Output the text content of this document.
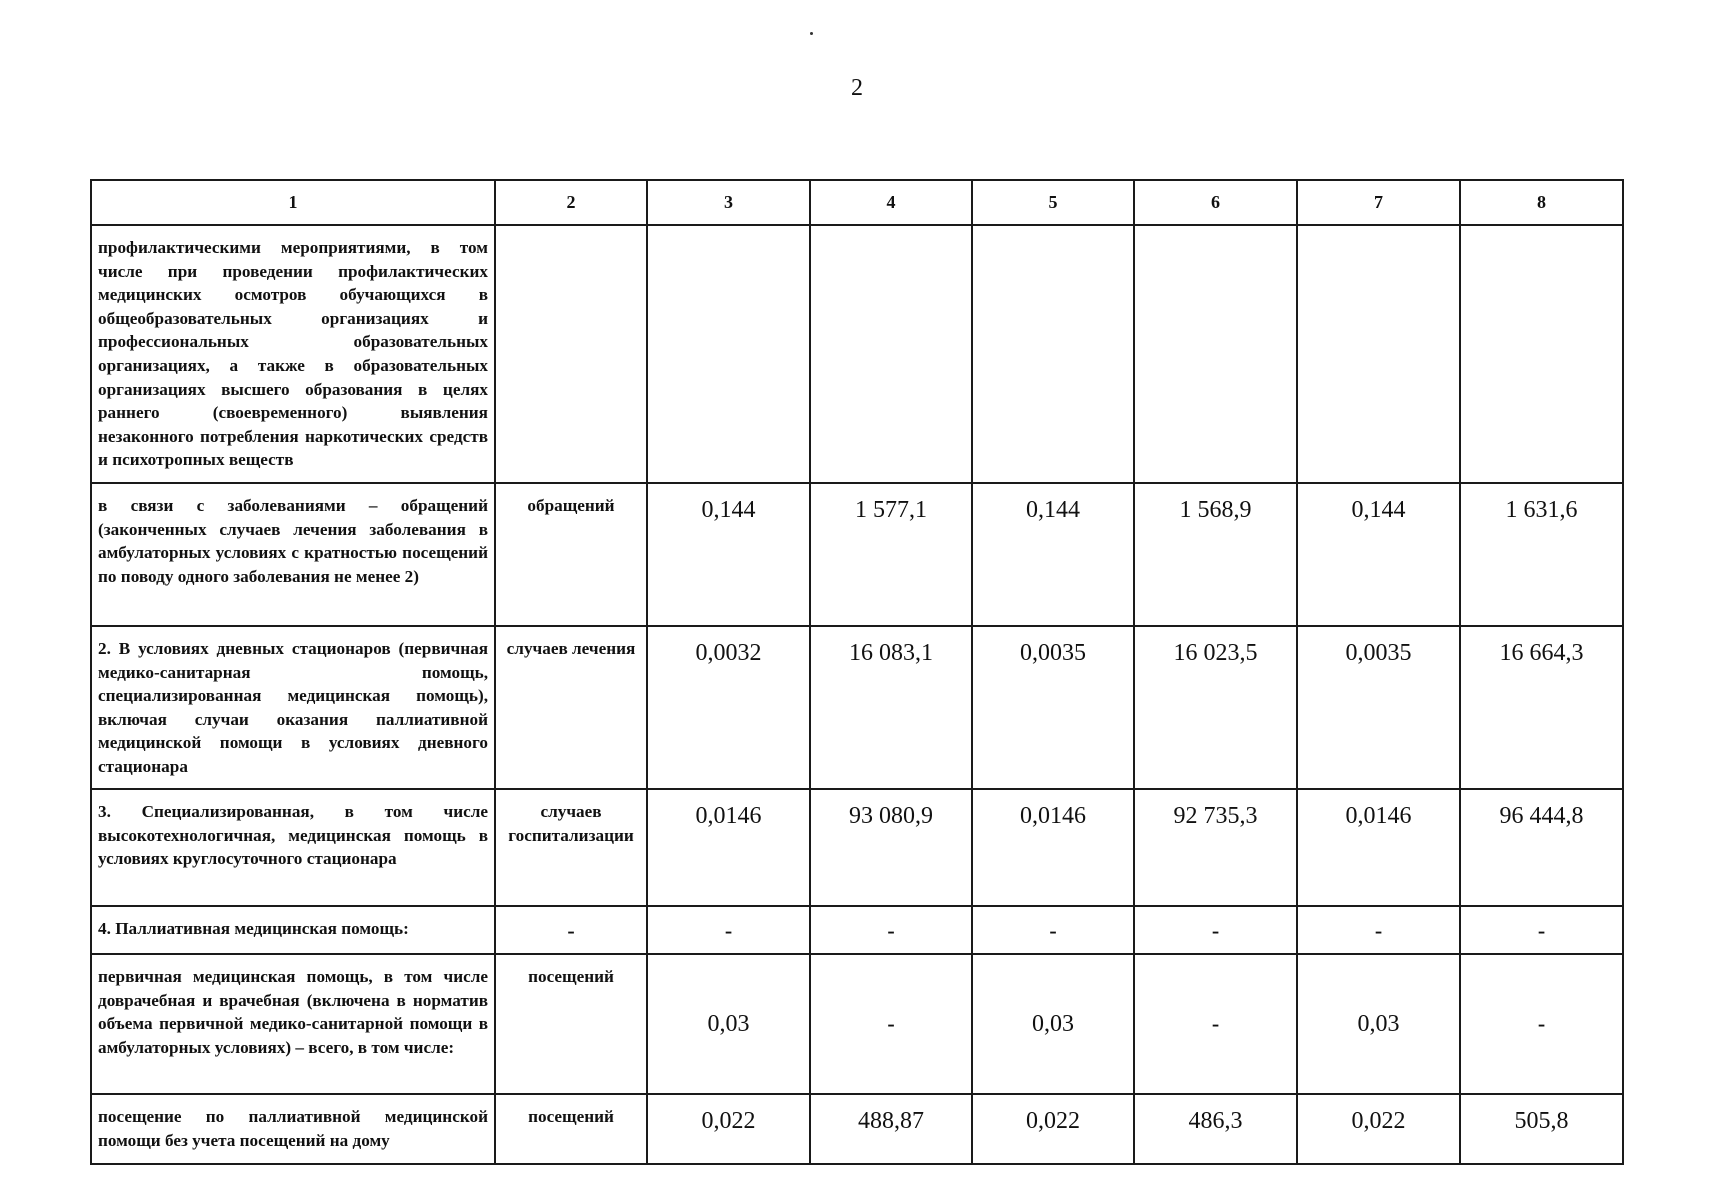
2
1	2	3	4	5	6	7	8
профилактическими мероприятиями, в том числе при проведении профилактических медицинских осмотров обучающихся в общеобразовательных организациях и профессиональных образовательных организациях, а также в образовательных организациях высшего образования в целях раннего (своевременного) выявления незаконного потребления наркотических средств и психотропных веществ							
в связи с заболеваниями – обращений (законченных случаев лечения заболевания в амбулаторных условиях с кратностью посещений по поводу одного заболевания не менее 2)	обращений	0,144	1 577,1	0,144	1 568,9	0,144	1 631,6
2. В условиях дневных стационаров (первичная медико-санитарная помощь, специализированная медицинская помощь), включая случаи оказания паллиативной медицинской помощи в условиях дневного стационара	случаев лечения	0,0032	16 083,1	0,0035	16 023,5	0,0035	16 664,3
3. Специализированная, в том числе высокотехнологичная, медицинская помощь в условиях круглосуточного стационара	случаев госпитализации	0,0146	93 080,9	0,0146	92 735,3	0,0146	96 444,8
4. Паллиативная медицинская помощь:	-	-	-	-	-	-	-
первичная медицинская помощь, в том числе доврачебная и врачебная (включена в норматив объема первичной медико-санитарной помощи в амбулаторных условиях) – всего, в том числе:	посещений	0,03	-	0,03	-	0,03	-
посещение по паллиативной медицинской помощи без учета посещений на дому	посещений	0,022	488,87	0,022	486,3	0,022	505,8
